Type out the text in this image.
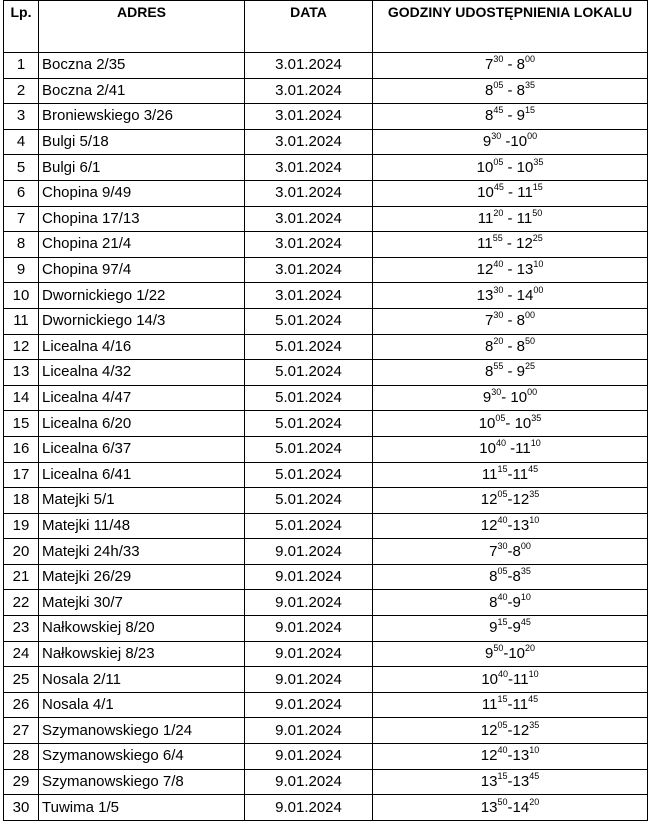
Lp.	ADRES	DATA	GODZINY UDOSTĘPNIENIA LOKALU
1	Boczna 2/35	3.01.2024	$7^{30} - 8^{00}$
2	Boczna 2/41	3.01.2024	$8^{05} - 8^{35}$
3	Broniewskiego 3/26	3.01.2024	$8^{45} - 9^{15}$
4	Bulgi 5/18	3.01.2024	$9^{30}$ $-10^{00}$
5	Bulgi 6/1	3.01.2024	$10^{05} - 10^{35}$
6	Chopina 9/49	3.01.2024	$10^{45} - 11^{15}$
7	Chopina 17/13	3.01.2024	$11^{20} - 11^{50}$
8	Chopina 21/4	3.01.2024	$11^{55} - 12^{25}$
9	Chopina 97/4	3.01.2024	$12^{40} - 13^{10}$
10	Dwornickiego 1/22	3.01.2024	$13^{30} - 14^{00}$
11	Dwornickiego 14/3	5.01.2024	$7^{30} - 8^{00}$
12	Licealna 4/16	5.01.2024	$8^{20} - 8^{50}$
13	Licealna 4/32	5.01.2024	$8^{55} - 9^{25}$
14	Licealna 4/47	5.01.2024	$9^{30}-$ $10^{00}$
15	Licealna 6/20	5.01.2024	$10^{05}-$ $10^{35}$
16	Licealna 6/37	5.01.2024	$10^{40}$ $-11^{10}$
17	Licealna 6/41	5.01.2024	$11^{15}-11^{45}$
18	Matejki 5/1	5.01.2024	$12^{05}-12^{35}$
19	Matejki 11/48	5.01.2024	$12^{40}-13^{10}$
20	Matejki 24h/33	9.01.2024	$7^{30}-8^{00}$
21	Matejki 26/29	9.01.2024	$8^{05}-8^{35}$
22	Matejki 30/7	9.01.2024	$8^{40}-9^{10}$
23	Nałkowskiej 8/20	9.01.2024	$9^{15}-9^{45}$
24	Nałkowskiej 8/23	9.01.2024	$9^{50}-10^{20}$
25	Nosala 2/11	9.01.2024	$10^{40}-11^{10}$
26	Nosala 4/1	9.01.2024	$11^{15}-11^{45}$
27	Szymanowskiego 1/24	9.01.2024	$12^{05}-12^{35}$
28	Szymanowskiego 6/4	9.01.2024	$12^{40}-13^{10}$
29	Szymanowskiego 7/8	9.01.2024	$13^{15}-13^{45}$
30	Tuwima 1/5	9.01.2024	$13^{50}-14^{20}$
